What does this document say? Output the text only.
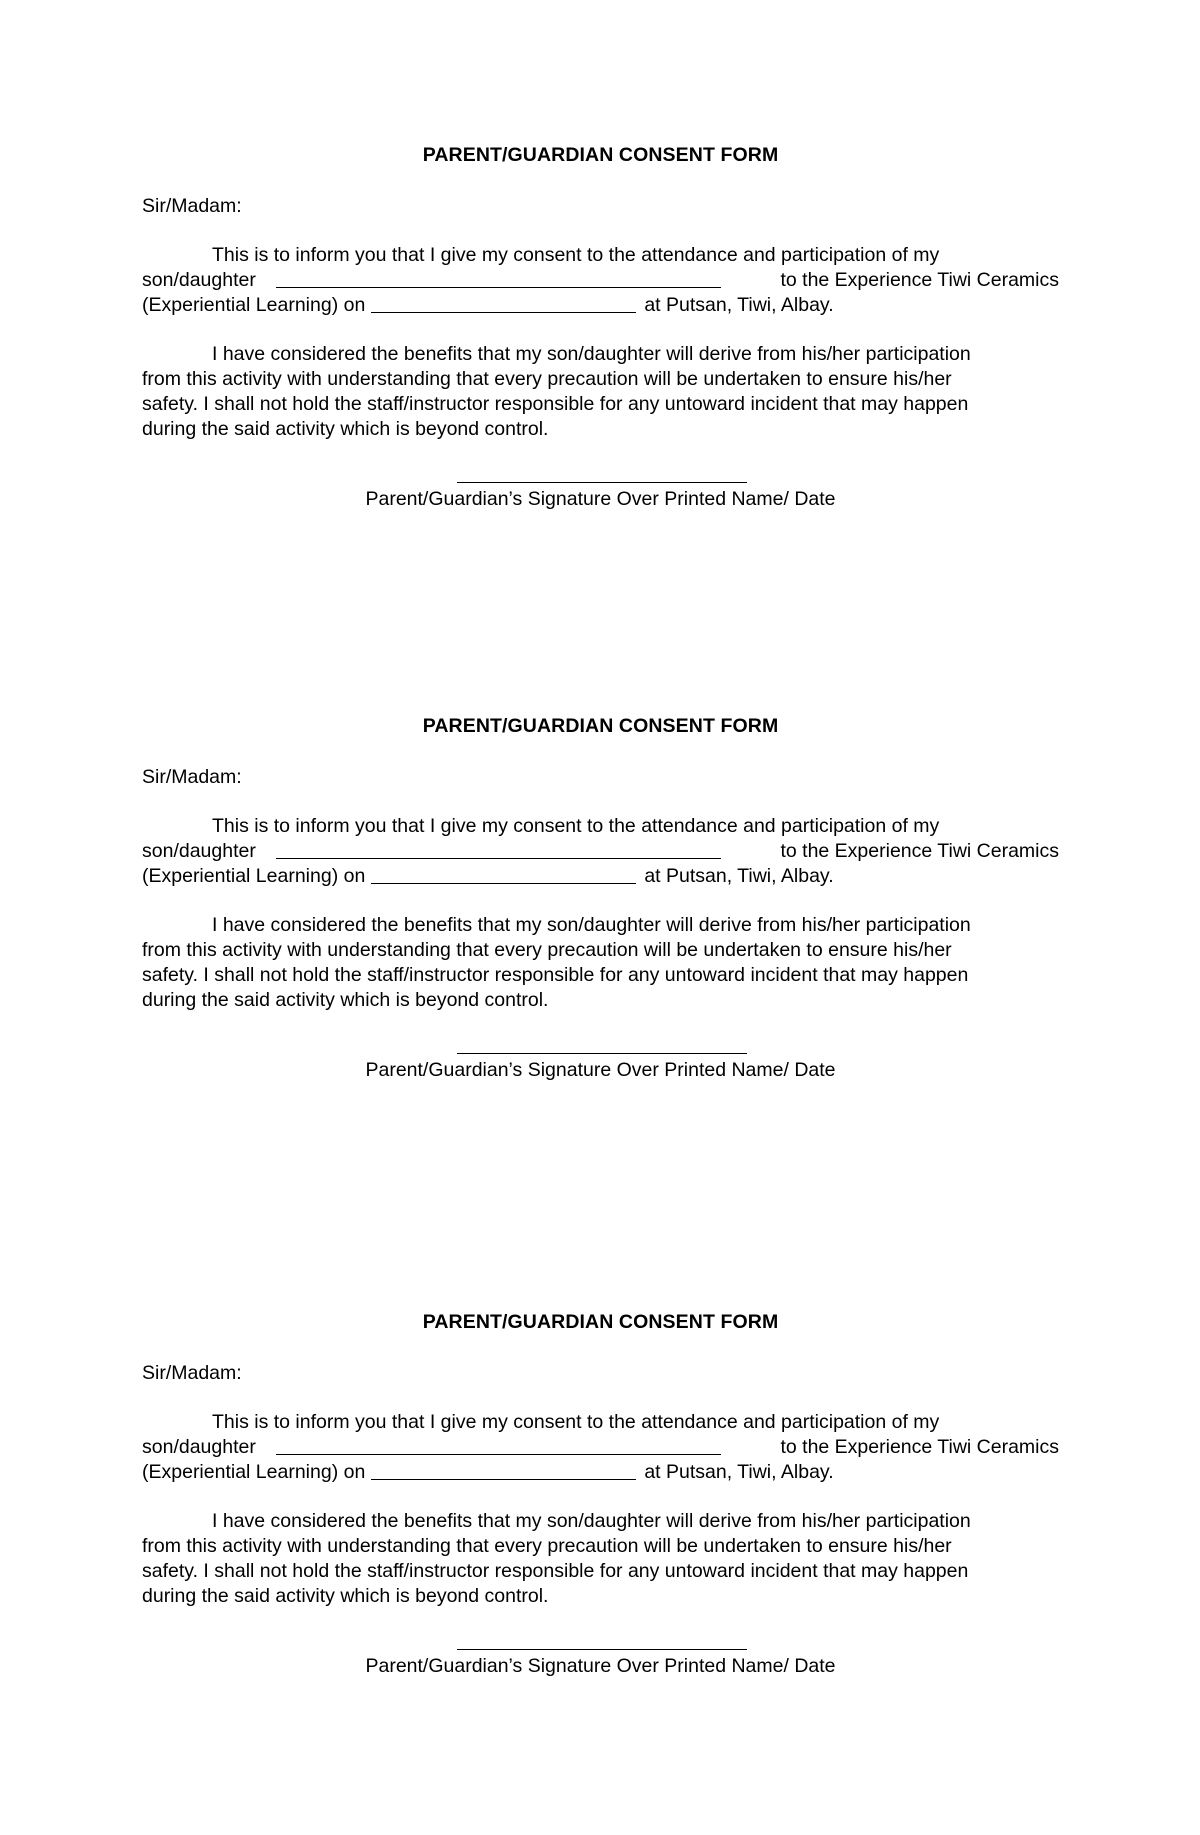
PARENT/GUARDIAN CONSENT FORM
Sir/Madam:
This is to inform you that I give my consent to the attendance and participation of my
son/daughter	to the Experience Tiwi Ceramics
(Experiential Learning) on	at Putsan, Tiwi, Albay.
I have considered the benefits that my son/daughter will derive from his/her participation
from this activity with understanding that every precaution will be undertaken to ensure his/her
safety. I shall not hold the staff/instructor responsible for any untoward incident that may happen
during the said activity which is beyond control.
Parent/Guardian’s Signature Over Printed Name/ Date
PARENT/GUARDIAN CONSENT FORM
Sir/Madam:
This is to inform you that I give my consent to the attendance and participation of my
son/daughter	to the Experience Tiwi Ceramics
(Experiential Learning) on	at Putsan, Tiwi, Albay.
I have considered the benefits that my son/daughter will derive from his/her participation
from this activity with understanding that every precaution will be undertaken to ensure his/her
safety. I shall not hold the staff/instructor responsible for any untoward incident that may happen
during the said activity which is beyond control.
Parent/Guardian’s Signature Over Printed Name/ Date
PARENT/GUARDIAN CONSENT FORM
Sir/Madam:
This is to inform you that I give my consent to the attendance and participation of my
son/daughter	to the Experience Tiwi Ceramics
(Experiential Learning) on	at Putsan, Tiwi, Albay.
I have considered the benefits that my son/daughter will derive from his/her participation
from this activity with understanding that every precaution will be undertaken to ensure his/her
safety. I shall not hold the staff/instructor responsible for any untoward incident that may happen
during the said activity which is beyond control.
Parent/Guardian’s Signature Over Printed Name/ Date
